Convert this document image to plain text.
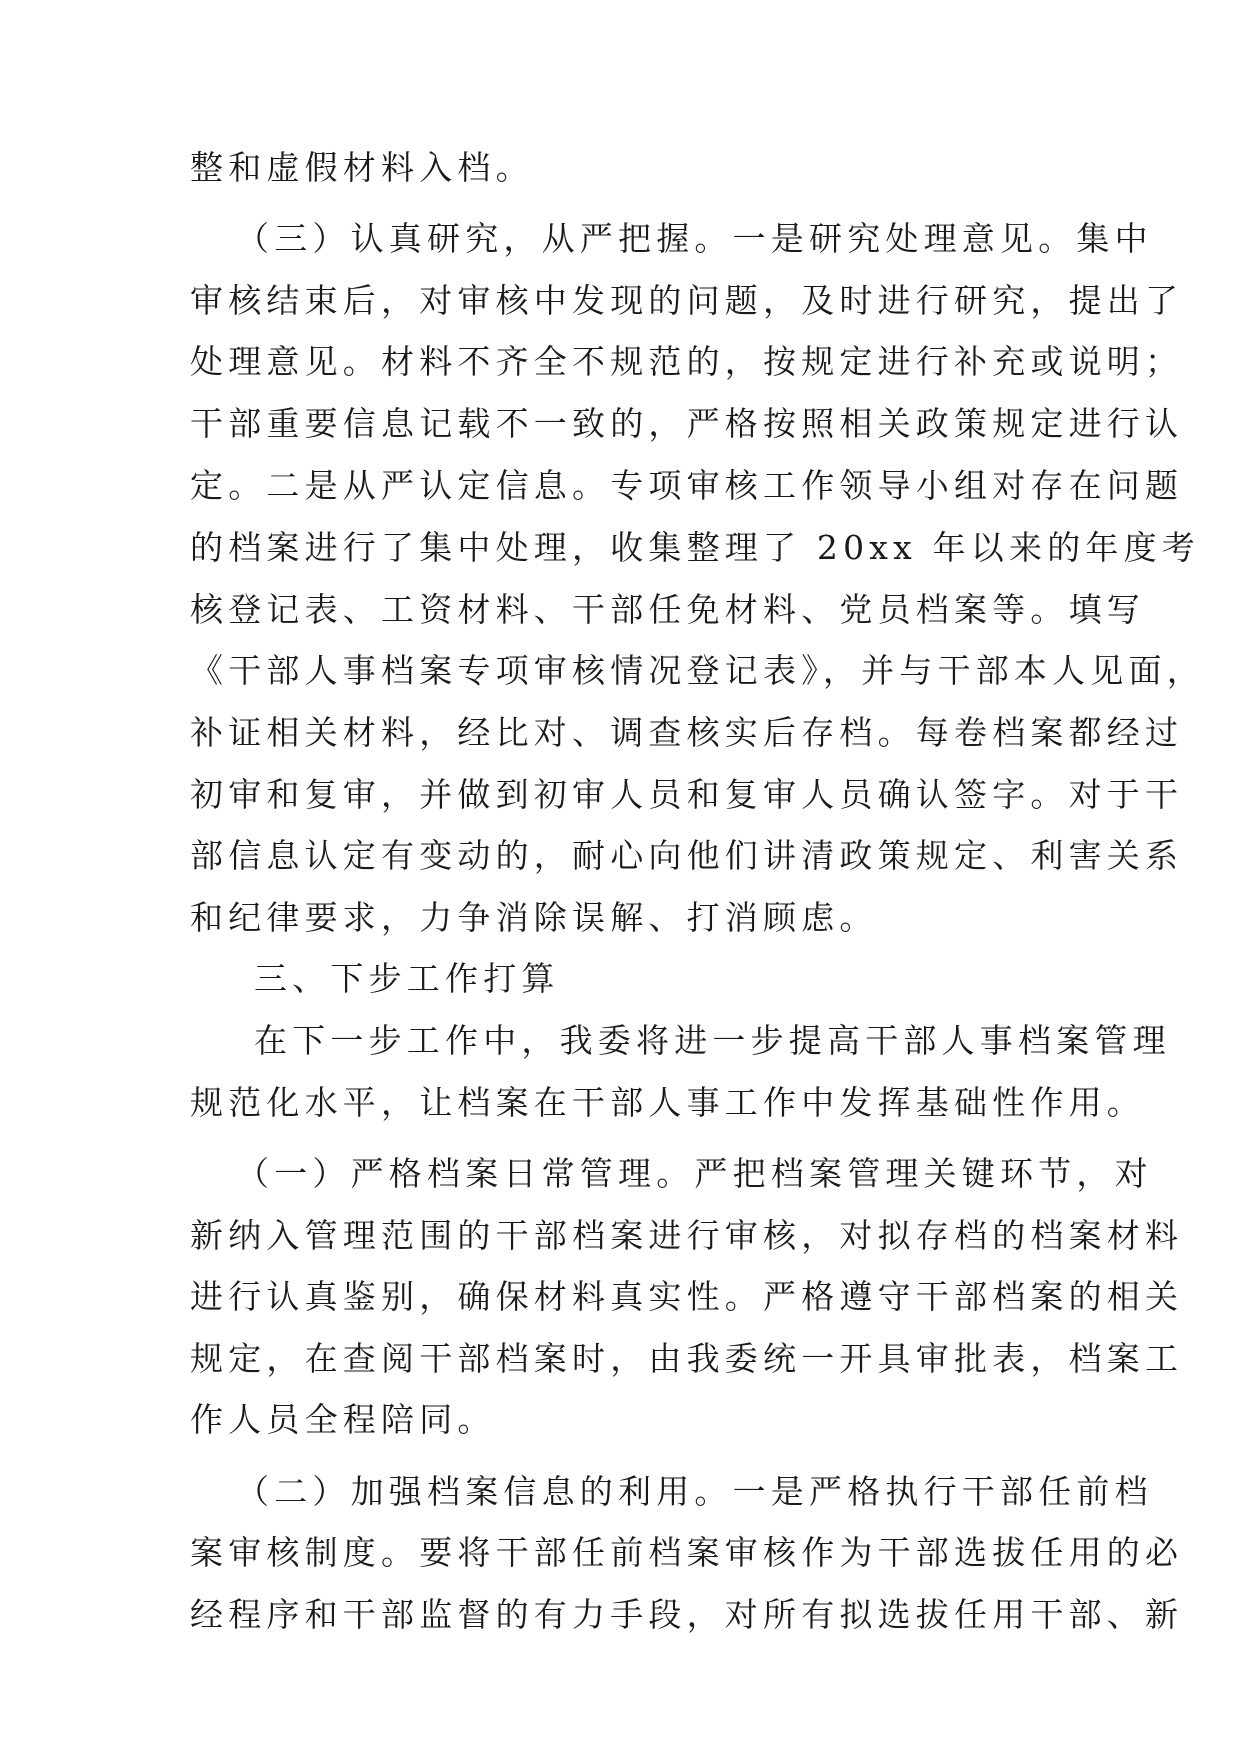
整和虚假材料入档。
（三）认真研究，从严把握。一是研究处理意见。集中
审核结束后，对审核中发现的问题，及时进行研究，提出了
处理意见。材料不齐全不规范的，按规定进行补充或说明；
干部重要信息记载不一致的，严格按照相关政策规定进行认
定。二是从严认定信息。专项审核工作领导小组对存在问题
的档案进行了集中处理，收集整理了 20xx 年以来的年度考
核登记表、工资材料、干部任免材料、党员档案等。填写
《干部人事档案专项审核情况登记表》，并与干部本人见面，
补证相关材料，经比对、调查核实后存档。每卷档案都经过
初审和复审，并做到初审人员和复审人员确认签字。对于干
部信息认定有变动的，耐心向他们讲清政策规定、利害关系
和纪律要求，力争消除误解、打消顾虑。
三、下步工作打算
在下一步工作中，我委将进一步提高干部人事档案管理
规范化水平，让档案在干部人事工作中发挥基础性作用。
（一）严格档案日常管理。严把档案管理关键环节，对
新纳入管理范围的干部档案进行审核，对拟存档的档案材料
进行认真鉴别，确保材料真实性。严格遵守干部档案的相关
规定，在查阅干部档案时，由我委统一开具审批表，档案工
作人员全程陪同。
（二）加强档案信息的利用。一是严格执行干部任前档
案审核制度。要将干部任前档案审核作为干部选拔任用的必
经程序和干部监督的有力手段，对所有拟选拔任用干部、新
